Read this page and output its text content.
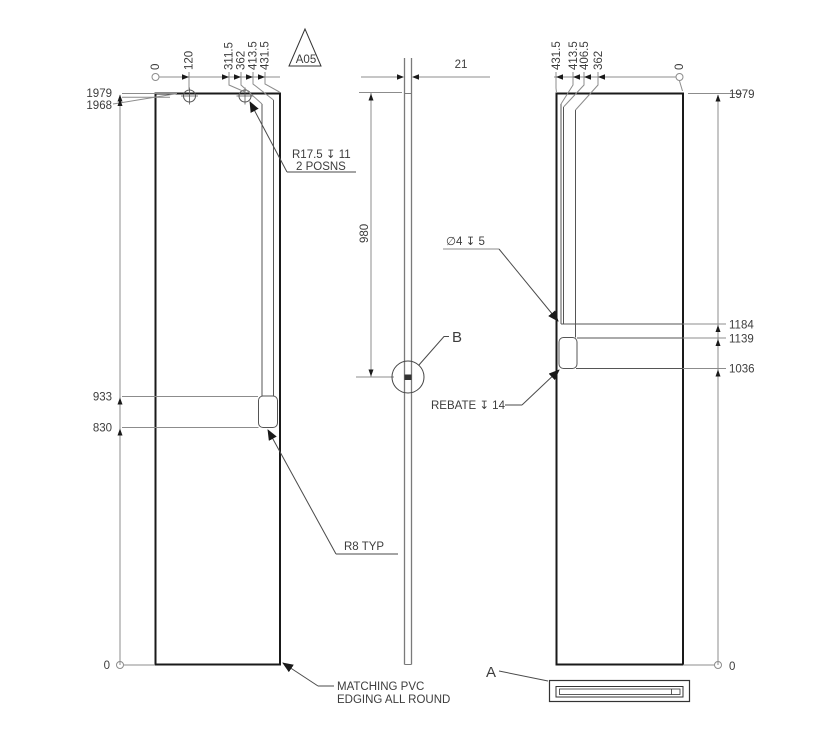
0 120 311.5 362 413.5 431.5 A05
1979
1968
933
830
0
R17.5 ↧ 11
2 POSNS
R8 TYP
MATCHING PVC
EDGING ALL ROUND
21
980
B
∅4 ↧ 5
431.5 413.5 406.5 362	0
1979
1184
1139
1036
0
REBATE ↧ 14
A
